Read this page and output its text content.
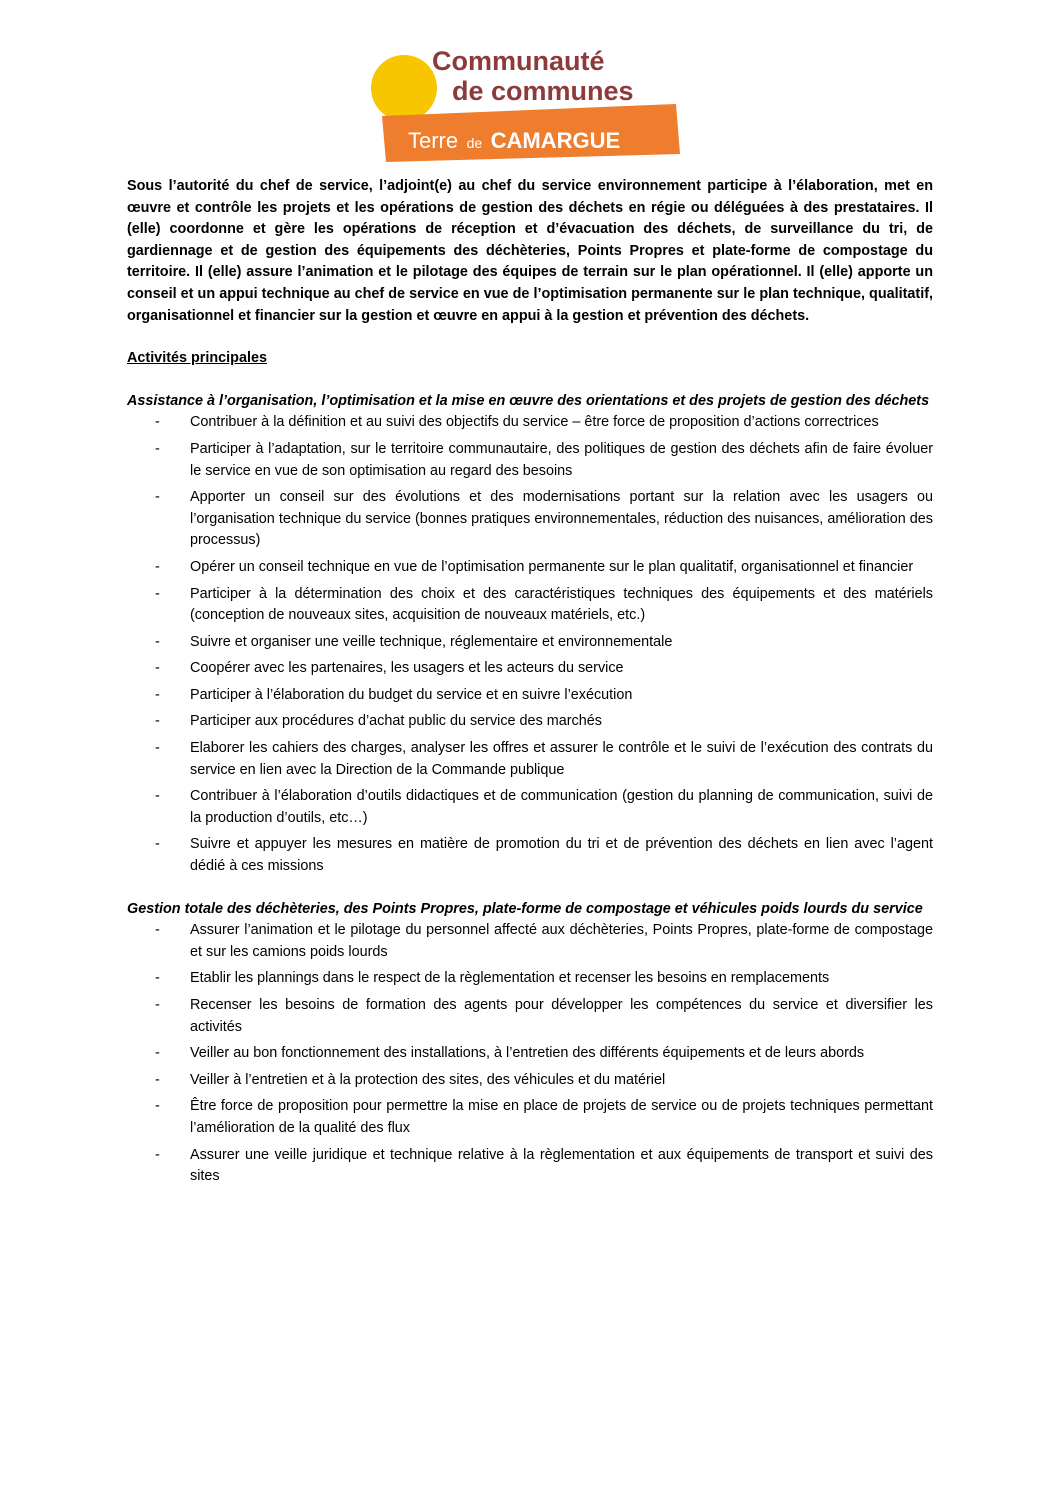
Communauté
de communes
Terre de CAMARGUE

Sous l’autorité du chef de service, l’adjoint(e) au chef du service environnement participe à l’élaboration, met en œuvre et contrôle les projets et les opérations de gestion des déchets en régie ou déléguées à des prestataires. Il (elle) coordonne et gère les opérations de réception et d’évacuation des déchets, de surveillance du tri, de gardiennage et de gestion des équipements des déchèteries, Points Propres et plate-forme de compostage du territoire. Il (elle) assure l’animation et le pilotage des équipes de terrain sur le plan opérationnel. Il (elle) apporte un conseil et un appui technique au chef de service en vue de l’optimisation permanente sur le plan technique, qualitatif, organisationnel et financier sur la gestion et œuvre en appui à la gestion et prévention des déchets.

Activités principales

Assistance à l’organisation, l’optimisation et la mise en œuvre des orientations et des projets de gestion des déchets

- Contribuer à la définition et au suivi des objectifs du service – être force de proposition d’actions correctrices
- Participer à l’adaptation, sur le territoire communautaire, des politiques de gestion des déchets afin de faire évoluer le service en vue de son optimisation au regard des besoins
- Apporter un conseil sur des évolutions et des modernisations portant sur la relation avec les usagers ou l’organisation technique du service (bonnes pratiques environnementales, réduction des nuisances, amélioration des processus)
- Opérer un conseil technique en vue de l’optimisation permanente sur le plan qualitatif, organisationnel et financier
- Participer à la détermination des choix et des caractéristiques techniques des équipements et des matériels (conception de nouveaux sites, acquisition de nouveaux matériels, etc.)
- Suivre et organiser une veille technique, réglementaire et environnementale
- Coopérer avec les partenaires, les usagers et les acteurs du service
- Participer à l’élaboration du budget du service et en suivre l’exécution
- Participer aux procédures d’achat public du service des marchés
- Elaborer les cahiers des charges, analyser les offres et assurer le contrôle et le suivi de l’exécution des contrats du service en lien avec la Direction de la Commande publique
- Contribuer à l’élaboration d’outils didactiques et de communication (gestion du planning de communication, suivi de la production d’outils, etc…)
- Suivre et appuyer les mesures en matière de promotion du tri et de prévention des déchets en lien avec l’agent dédié à ces missions

Gestion totale des déchèteries, des Points Propres, plate-forme de compostage et véhicules poids lourds du service

- Assurer l’animation et le pilotage du personnel affecté aux déchèteries, Points Propres, plate-forme de compostage et sur les camions poids lourds
- Etablir les plannings dans le respect de la règlementation et recenser les besoins en remplacements
- Recenser les besoins de formation des agents pour développer les compétences du service et diversifier les activités
- Veiller au bon fonctionnement des installations, à l’entretien des différents équipements et de leurs abords
- Veiller à l’entretien et à la protection des sites, des véhicules et du matériel
- Être force de proposition pour permettre la mise en place de projets de service ou de projets techniques permettant l’amélioration de la qualité des flux
- Assurer une veille juridique et technique relative à la règlementation et aux équipements de transport et suivi des sites
